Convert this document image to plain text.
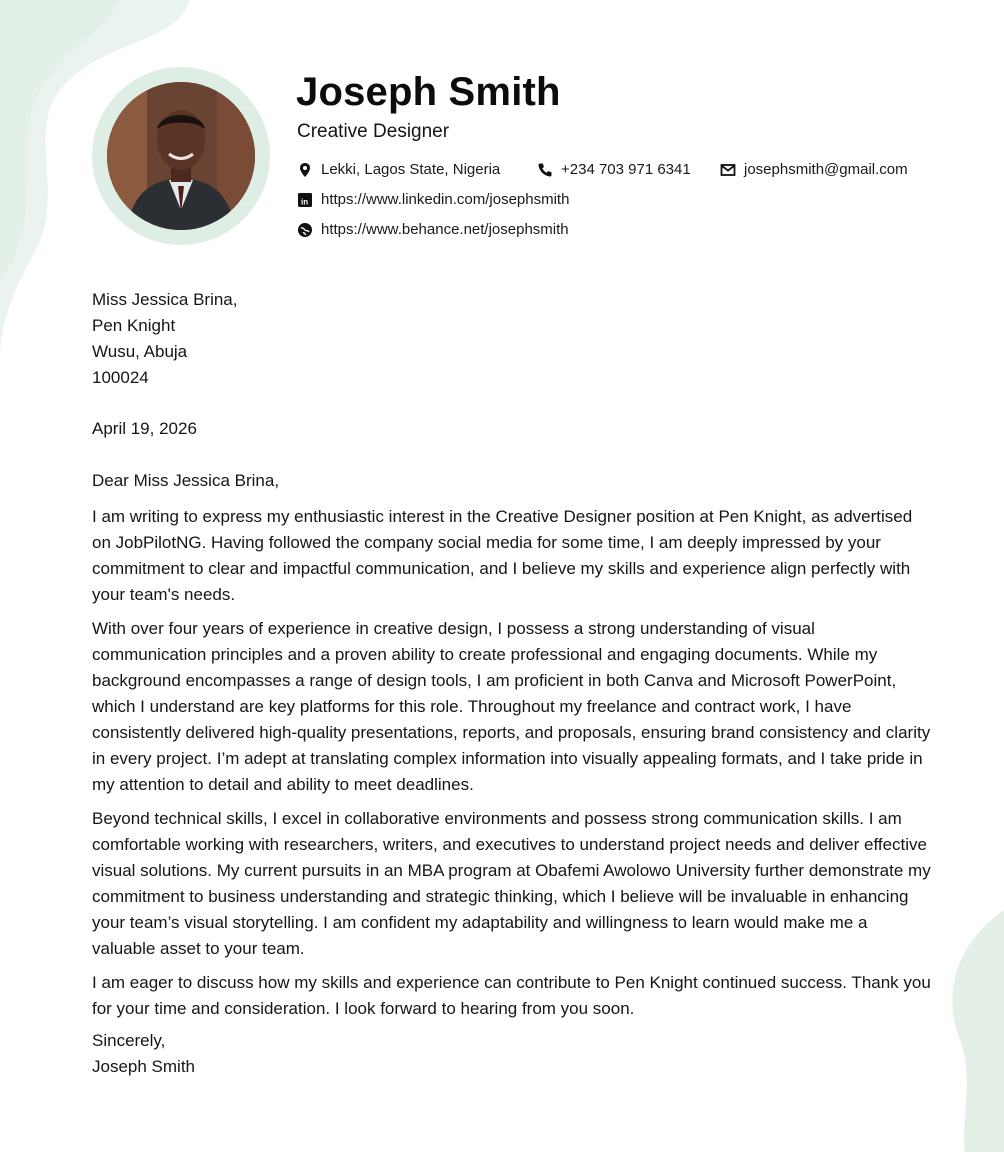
Joseph Smith
Creative Designer
Lekki, Lagos State, Nigeria	+234 703 971 6341	josephsmith@gmail.com
in https://www.linkedin.com/josephsmith
https://www.behance.net/josephsmith
Miss Jessica Brina,
Pen Knight
Wusu, Abuja
100024
April 19, 2026
Dear Miss Jessica Brina,

I am writing to express my enthusiastic interest in the Creative Designer position at Pen Knight, as advertised on JobPilotNG. Having followed the company social media for some time, I am deeply impressed by your commitment to clear and impactful communication, and I believe my skills and experience align perfectly with your team's needs.

With over four years of experience in creative design, I possess a strong understanding of visual communication principles and a proven ability to create professional and engaging documents. While my background encompasses a range of design tools, I am proficient in both Canva and Microsoft PowerPoint, which I understand are key platforms for this role. Throughout my freelance and contract work, I have consistently delivered high-quality presentations, reports, and proposals, ensuring brand consistency and clarity in every project. I’m adept at translating complex information into visually appealing formats, and I take pride in my attention to detail and ability to meet deadlines.

Beyond technical skills, I excel in collaborative environments and possess strong communication skills. I am comfortable working with researchers, writers, and executives to understand project needs and deliver effective visual solutions. My current pursuits in an MBA program at Obafemi Awolowo University further demonstrate my commitment to business understanding and strategic thinking, which I believe will be invaluable in enhancing your team’s visual storytelling. I am confident my adaptability and willingness to learn would make me a valuable asset to your team.

I am eager to discuss how my skills and experience can contribute to Pen Knight continued success. Thank you for your time and consideration. I look forward to hearing from you soon.

Sincerely,
Joseph Smith
